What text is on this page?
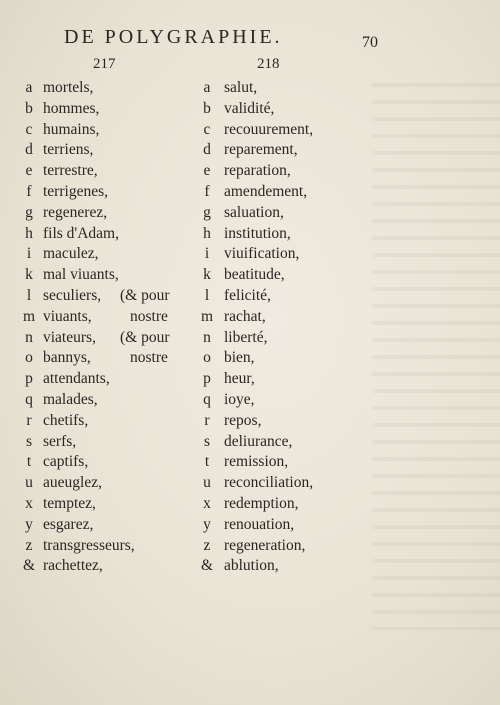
DE POLYGRAPHIE.	70
217	218
a mortels,
b hommes,
c humains,
d terriens,
e terrestre,
f terrigenes,
g regenerez,
h fils d'Adam,
i maculez,
k mal viuants,
l seculiers, (& pour
m viuants, nostre
n viateurs, (& pour
o bannys,	nostre
p attendants,
q malades,
r chetifs,
s serfs,
t captifs,
u aueuglez,
x temptez,
y esgarez,
z transgresseurs,
& rachettez,
a salut,
b validité,
c recouurement,
d reparement,
e reparation,
f amendement,
g saluation,
h institution,
i viuification,
k beatitude,
l felicité,
m rachat,
n liberté,
o bien,
p heur,
q ioye,
r repos,
s deliurance,
t remission,
u reconciliation,
x redemption,
y renouation,
z regeneration,
& ablution,
